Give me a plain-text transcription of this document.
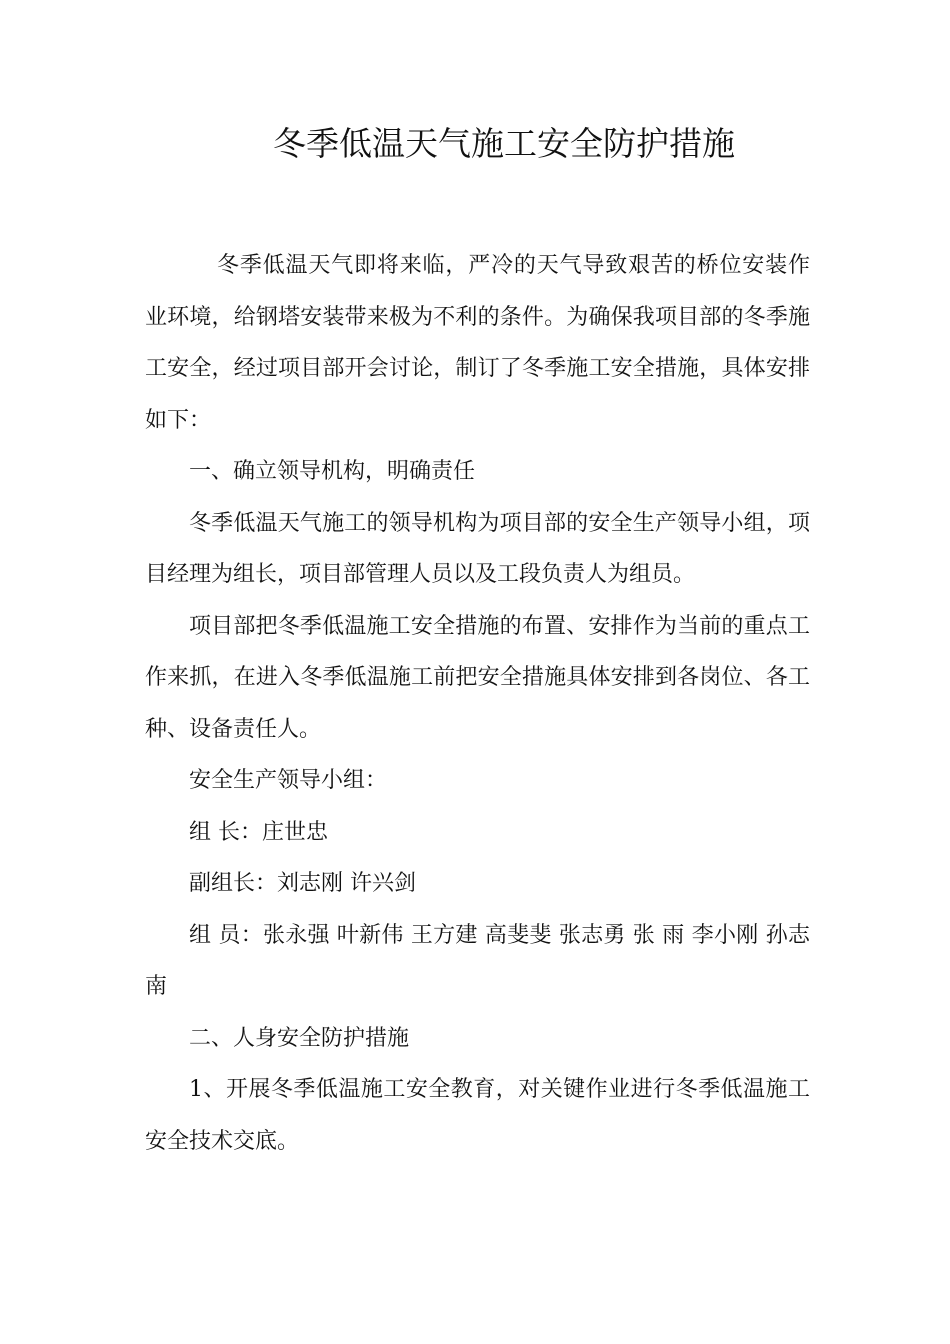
冬季低温天气施工安全防护措施

冬季低温天气即将来临，严冷的天气导致艰苦的桥位安装作业环境，给钢塔安装带来极为不利的条件。为确保我项目部的冬季施工安全，经过项目部开会讨论，制订了冬季施工安全措施，具体安排如下：

一、确立领导机构，明确责任

冬季低温天气施工的领导机构为项目部的安全生产领导小组，项目经理为组长，项目部管理人员以及工段负责人为组员。

项目部把冬季低温施工安全措施的布置、安排作为当前的重点工作来抓，在进入冬季低温施工前把安全措施具体安排到各岗位、各工种、设备责任人。

安全生产领导小组：

组 长：庄世忠

副组长：刘志刚 许兴剑

组 员：张永强 叶新伟 王方建 高斐斐 张志勇 张 雨 李小刚 孙志南

二、人身安全防护措施

1、开展冬季低温施工安全教育，对关键作业进行冬季低温施工安全技术交底。
